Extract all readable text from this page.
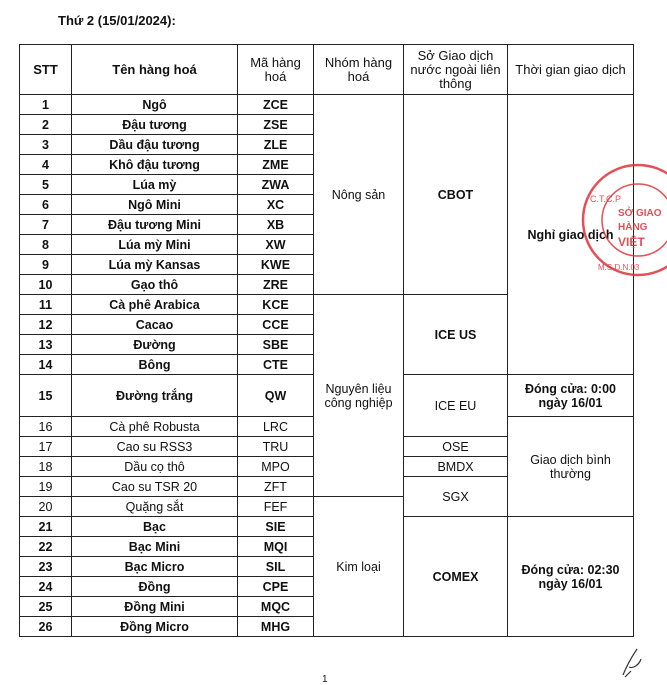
Thứ 2 (15/01/2024):
STT	Tên hàng hoá	Mã hàng hoá	Nhóm hàng hoá	Sở Giao dịch nước ngoài liên thông	Thời gian giao dịch
1	Ngô	ZCE	Nông sản	CBOT	Nghỉ giao dịch
2	Đậu tương	ZSE			
3	Dầu đậu tương	ZLE			
4	Khô đậu tương	ZME			
5	Lúa mỳ	ZWA			
6	Ngô Mini	XC			
7	Đậu tương Mini	XB			
8	Lúa mỳ Mini	XW			
9	Lúa mỳ Kansas	KWE			
10	Gạo thô	ZRE			
11	Cà phê Arabica	KCE	Nguyên liệu công nghiệp	ICE US	
12	Cacao	CCE			
13	Đường	SBE			
14	Bông	CTE			
15	Đường trắng	QW		ICE EU	Đóng cửa: 0:00 ngày 16/01
16	Cà phê Robusta	LRC			Giao dịch bình thường
17	Cao su RSS3	TRU		OSE	
18	Dầu cọ thô	MPO		BMDX	
19	Cao su TSR 20	ZFT		SGX	
20	Quặng sắt	FEF	Kim loại		
21	Bạc	SIE		COMEX	Đóng cửa: 02:30 ngày 16/01
22	Bạc Mini	MQI			
23	Bạc Micro	SIL			
24	Đồng	CPE			
25	Đồng Mini	MQC			
26	Đồng Micro	MHG			
C.T.C.P
SỞ GIAO
HÀNG
VIỆT
M.S.D.N.03
1
